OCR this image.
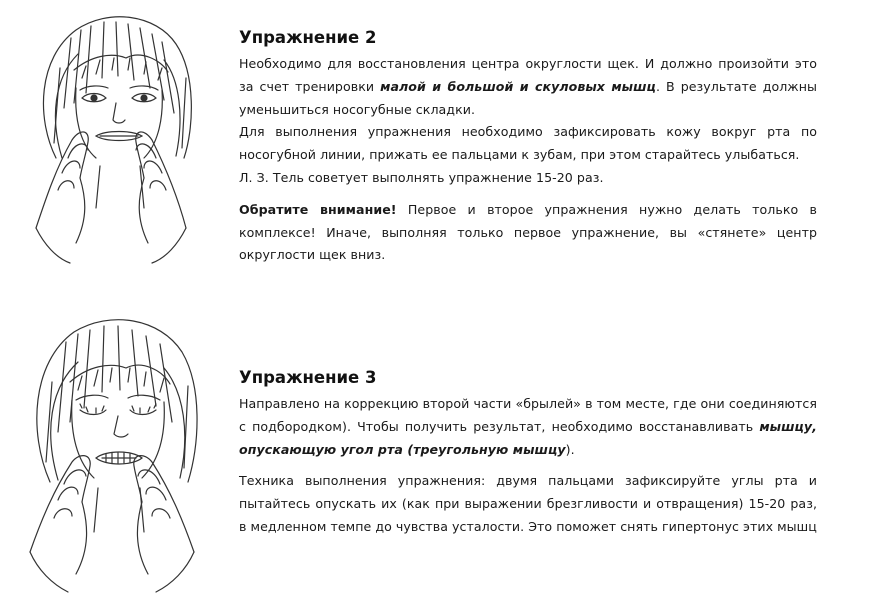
Упражнение 2

Необходимо для восстановления центра округлости щек. И должно произойти это за счет тренировки малой и большой и скуловых мышц. В результате должны уменьшиться носогубные складки.

Для выполнения упражнения необходимо зафиксировать кожу вокруг рта по носогубной линии, прижать ее пальцами к зубам, при этом старайтесь улыбаться.

Л. З. Тель советует выполнять упражнение 15-20 раз.

Обратите внимание! Первое и второе упражнения нужно делать только в комплексе! Иначе, выполняя только первое упражнение, вы «стянете» центр округлости щек вниз.

Упражнение 3

Направлено на коррекцию второй части «брылей» в том месте, где они соединяются с подбородком). Чтобы получить результат, необходимо восстанавливать мышцу, опускающую угол рта (треугольную мышцу).

Техника выполнения упражнения: двумя пальцами зафиксируйте углы рта и пытайтесь опускать их (как при выражении брезгливости и отвращения) 15-20 раз, в медленном темпе до чувства усталости. Это поможет снять гипертонус этих мышц
